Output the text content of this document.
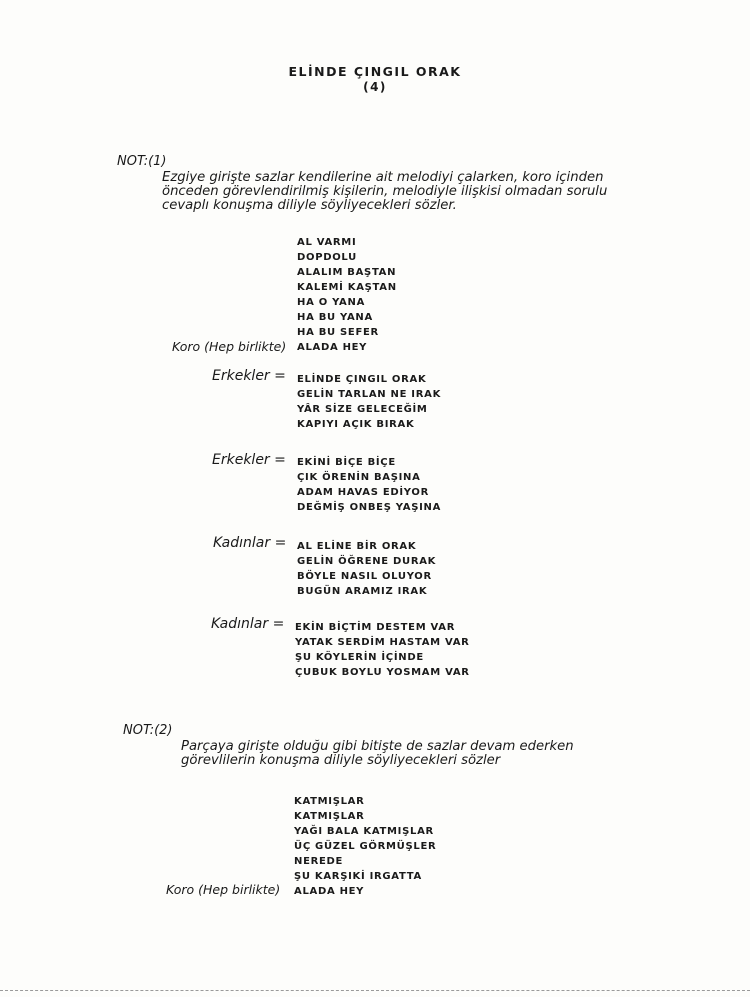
ELİNDE ÇINGIL ORAK
(4)
NOT:(1)
Ezgiye girişte sazlar kendilerine ait melodiyi çalarken, koro içinden
önceden görevlendirilmiş kişilerin, melodiyle ilişkisi olmadan sorulu
cevaplı konuşma diliyle söyliyecekleri sözler.
AL VARMI
DOPDOLU
ALALIM BAŞTAN
KALEMİ KAŞTAN
HA O YANA
HA BU YANA
HA BU SEFER
ALADA HEY
Koro (Hep birlikte)
Erkekler = ELİNDE ÇINGIL ORAK
GELİN TARLAN NE IRAK
YÂR SİZE GELECEĞİM
KAPIYI AÇIK BIRAK
Erkekler = EKİNİ BİÇE BİÇE
ÇIK ÖRENİN BAŞINA
ADAM HAVAS EDİYOR
DEĞMİŞ ONBEŞ YAŞINA
Kadınlar = AL ELİNE BİR ORAK
GELİN ÖĞRENE DURAK
BÖYLE NASIL OLUYOR
BUGÜN ARAMIZ IRAK
Kadınlar = EKİN BİÇTİM DESTEM VAR
YATAK SERDİM HASTAM VAR
ŞU KÖYLERİN İÇİNDE
ÇUBUK BOYLU YOSMAM VAR
NOT:(2)
Parçaya girişte olduğu gibi bitişte de sazlar devam ederken
görevlilerin konuşma diliyle söyliyecekleri sözler
KATMIŞLAR
KATMIŞLAR
YAĞI BALA KATMIŞLAR
ÜÇ GÜZEL GÖRMÜŞLER
NEREDE
ŞU KARŞIKİ IRGATTA
ALADA HEY
Koro (Hep birlikte)
